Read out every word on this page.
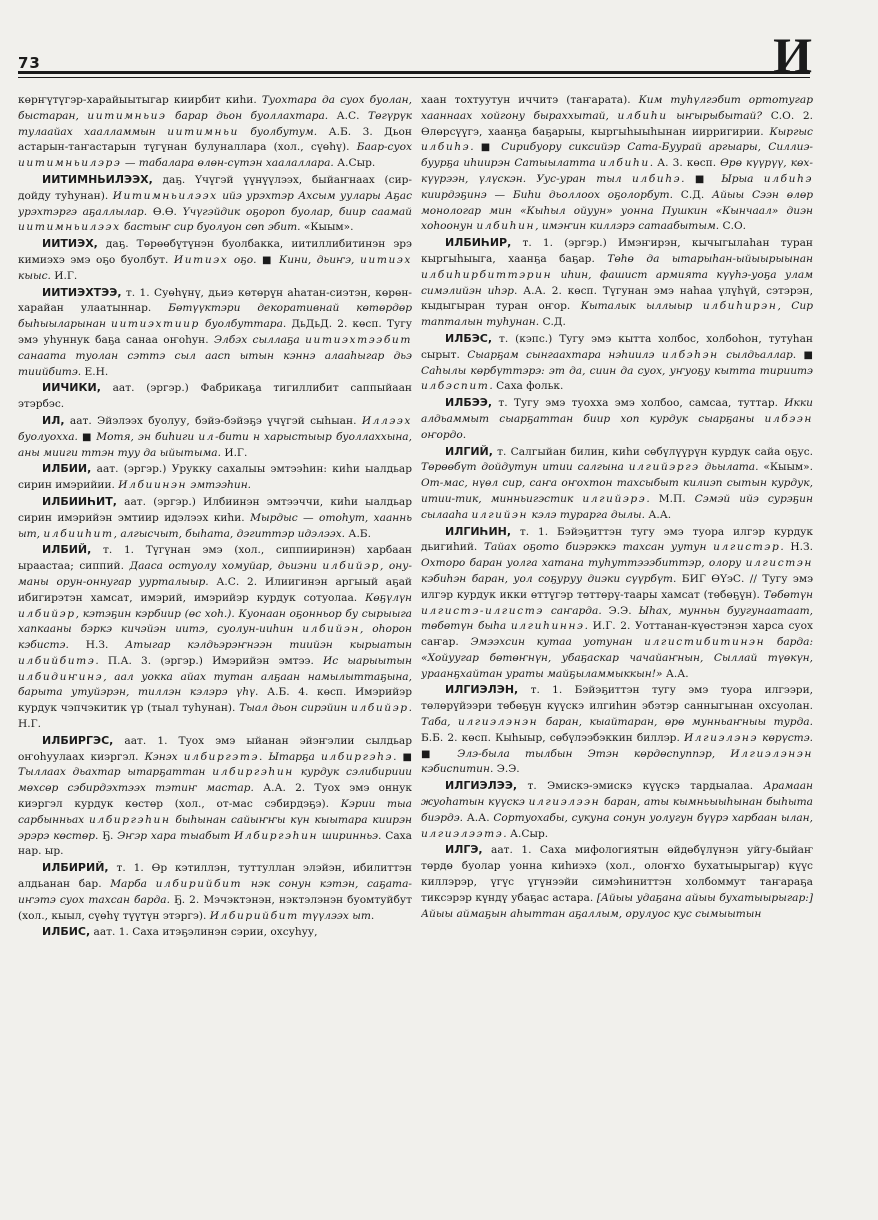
73	И

кɵрҥүтүгэр-харайыытыгар киирбит киһи. Туохтара да суох буолан, быстаран, иитимньиэ барар дьон буоллахтара. А.С. Тɵгүрүк тулаайах хаалламмын иитимньи буолбутум. А.Б. 3. Дьон астарын-таҥастарын түгүнан булуналлара (хол., сүөһү). Баар-суох иитимньилэрэ — табалара ɵлɵн-сүтэн хаалаллара. А.Сыр.

ИИТИМНЬИЛЭЭХ, даҕ. Үчүгэй үүнүүлээх, быйаҥнаах (сир-дойду туһунан). Иитимньилээх ийэ урэхтэр Ахсым уулары Аҕас урэхтэргэ аҕаллылар. Ɵ.Ɵ. Үчүгэйдик оҕороп буолар, биир саамай иитимньилээх бастыҥ сир буолуон сɵп эбит. «Кыым».

ИИТИЭХ, даҕ. Тɵрɵɵбүтүнэн буолбакка, иитиллибитинэн эрэ кимиэхэ эмэ оҕо буолбут. Иитиэх оҕо. ■ Кини, дьиҥэ, иитиэх кыыс. И.Г.

ИИТИЭХТЭЭ, т. 1. Суɵһүнү, дьиэ кɵтɵрүн аһатан-сиэтэн, кɵрɵн-харайан улаатыннар. Бɵтүүктэри декоративнай кɵтɵрдɵр быһыыларынан иитиэхтиир буолбуттара. ДьДьД. 2. кɵсп. Тугу эмэ уһуннук баҕа санаа оҥоһун. Элбэх сыллаҕа иитиэхтээбит санаата туолан сэттэ сыл аасп ытын кэннэ алааһыгар дьэ тиийбитэ. Е.Н.

ИИЧИКИ, аат. (эргэр.) Фабрикаҕа тигиллибит саппыйаан этэрбэс.

ИЛ, аат. Эйэлээх буолуу, бэйэ-бэйэҕэ үчүгэй сыһыан. Иллээх буолуохха. ■ Мотя, эн биһиги ил-бити н харыстыыр буоллаххына, аны мииги ттэн туу да ыйытыма. И.Г.

ИЛБИИ, аат. (эргэр.) Урукку сахалыы эмтээһин: киһи ыалдьар сирин имэрийии. Илбиинэн эмтээһин.

ИЛБИИҺИТ, аат. (эргэр.) Илбиинэн эмтээччи, киһи ыалдьар сирин имэрийэн эмтиир идэлээх киһи. Мырдыс — отоһут, хааннь ыт, илбииһит, алгысчыт, быһата, дэгиттэр идэлээх. А.Б.

ИЛБИЙ, т. 1. Түгүнан эмэ (хол., сиппииринэн) харбаан ыраастаа; сиппий. Дааса остуолу хомуйар, дьиэни илбийэр, ону-маны орун-оннугар уурталыыр. А.С. 2. Илиигинэн аргыый аҕай ибигирэтэн хамсат, имэрий, имэрийэр курдук сотуолаа. Кɵҕүлүн илбийэр, кэтэҕин кэрбиир (ɵс хоһ.). Куонаан оҕонньор бу сырыыга хапкааны бэркэ кичэйэн иитэ, суолун-ииһин илбийэн, оһорон кэбистэ. Н.З. Атыгар кэлдьэрэҥнээн тиийэн кырыатын илбийбитэ. П.А. 3. (эргэр.) Имэрийэн эмтээ. Ис ыарыытын илбидиҥинэ, аал уокка айах тутан алҕаан намылыттаҕына, барыта утуйэрэн, тиллэн кэлэрэ үһү. А.Б. 4. кɵсп. Имэрийэр курдук чэпчэкитик үр (тыал туһунан). Тыал дьон сирэйин илбийэр. Н.Г.

ИЛБИРГЭС, аат. 1. Туох эмэ ыйанан эйэҥэлии сылдьар оҥоһуулаах киэргэл. Кэнэх илбиргэтэ. Ытарҕа илбиргэһэ. ■ Тыллаах дьахтар ытарҕаттан илбиргэһин курдук сэлибириии мɵхсɵр сэбирдэхтээх тэтиҥ мастар. А.А. 2. Туох эмэ оннук киэргэл курдук кɵстɵр (хол., от-мас сэбирдэҕэ). Кэрии тыа сарбынньах илбиргэһин быһынан сайыҥҥы күн кыытара киирэн эрэрэ кɵстɵр. Ҕ. Эҥэр хара тыабыт Илбиргэһин ширинньэ. Саха нар. ыр.

ИЛБИРИЙ, т. 1. Ɵр кэтиллэн, туттуллан элэйэн, ибилиттэн алдьанан бар. Марба илбирийбит нэк сонун кэтэн, саҕата-иҥэтэ суох тахсан барда. Ҕ. 2. Мэчэктэнэн, нэктэлэнэн буомтуйбут (хол., кыыл, сүөһү түүтүн этэргэ). Илбирийбит түүлээх ыт.

ИЛБИС, аат. 1. Саха итэҕэлинэн сэрии, охсуһуу,

хаан тохтуутун иччитэ (таҥарата). Ким туһүлгэбит ортотугар хааннаах хойгону быраххытай, илбиһи ыҥырыбытай? С.О. 2. Ɵлɵрсүүгэ, хаанҕа баҕарыы, кыргыһыыһынан иирригирии. Кыргыс илбиһэ. ■ Сирибуору сиксийэр Сата-Буурай аргыары, Силлиэ-буурҕа иһиирэн Сатыылатта илбиһи. А. 3. кɵсп. Ɵрɵ күүрүү, кɵх-күүрээн, үлүскэн. Уус-уран тыл илбиһэ. ■ Ырыа илбиһэ киирдэҕинэ — Биһи дьоллоох оҕолорбут. С.Д. Айыы Сээн ɵлɵр монологар мин «Кыһыл ойуун» уонна Пушкин «Кынчаал» диэн хоһоонун илбиһин, имэҥин киллэрэ сатаабытым. С.О.

ИЛБИҺИР, т. 1. (эргэр.) Имэҥирэн, кычыгылаһан туран кыргыһыыга, хаанҕа баҕар. Тɵһɵ да ытарыһан-ыйыырыынан илбиһирбиттэрин иһин, фашист армията күүһэ-уоҕа улам симэлийэн иһэр. А.А. 2. кɵсп. Түгунан эмэ наһаа үлүһүй, сэтэрэн, кыдыгыран туран оҥор. Кыталык ыллыыр илбиһирэн, Сир тапталын туһунан. С.Д.

ИЛБЭС, т. (кэпс.) Тугу эмэ кытта холбос, холбоһон, тутуһан сырыт. Сыарҕам сынгаахтара нэһиилэ илбэһэн сылдьаллар. ■ Саһылы кɵрбүттэрэ: эт да, сиин да суох, уҥуоҕу кытта тириитэ илбэспит. Саха фольк.

ИЛБЭЭ, т. Тугу эмэ туохха эмэ холбоо, самсаа, туттар. Икки алдьаммыт сыарҕаттан биир хоп курдук сыарҕаны илбээн оҥордо.

ИЛГИЙ, т. Салгыйан билин, киһи сɵбүлүүрүн курдук сайа оҕус. Тɵрɵɵбүт дойдутун итии салгына илгийэргэ дьылата. «Кыым». От-мас, нүɵл сир, саҥа оҥохтон тахсыбыт килиэп сытын курдук, итии-тик, минньигэстик илгийэрэ. М.П. Сэмэй ийэ сурэҕин сылааһа илгийэн кэлэ турарга дылы. А.А.

ИЛГИҺИН, т. 1. Бэйэҕиттэн тугу эмэ туора илгэр курдук дьигиһий. Тайах оҕото биэрэккэ тахсан уутун илгистэр. Н.З. Охторо баран уолга хатана туһуттэээбиттэр, олору илгистэн кэбиһэн баран, уол соҕуруу диэки сүүрбүт. БИГ ƟҮэС. // Тугу эмэ илгэр курдук икки ɵттүгэр тɵттɵрү-таары хамсат (тɵбɵҕүн). Тɵбɵтүн илгистэ-илгистэ саҥарда. Э.Э. Ыһах, мунньн буугунаатаат, тɵбɵтүн быһа илгиһиннэ. И.Г. 2. Уоттанан-күɵстэнэн харса суох саҥар. Эмээхсин кутаа уотунан илгистибитинэн барда: «Хойуугар бɵтɵҥнүн, убаҕаскар чачайаҥнын, Сыллай түɵкүн, ураанҕхайтан ураты майҕыламмыккын!» А.А.

ИЛГИЭЛЭН, т. 1. Бэйэҕиттэн тугу эмэ туора илгээри, тɵлɵрүйээри тɵбɵҕүн күүскэ илгиһин эбэтэр санныгынан охсуолан. Таба, илгиэлэнэн баран, кыайтаран, ɵрɵ мунньаҥныы турда. Б.Б. 2. кɵсп. Кыһыыр, сɵбүлээбэккин биллэр. Илгиэлэнэ кɵрүстэ. ■ Элэ-была тылбын Этэн кɵрдɵспуппэр, Илгиэлэнэн кэбиспитин. Э.Э.

ИЛГИЭЛЭЭ, т. Эмискэ-эмискэ күүскэ тардыалаа. Арамаан жуоһатын күүскэ илгиэлээн баран, аты кымньыыһынан быһыта биэрдэ. А.А. Сортуохабы, сукуна сонун уолугун бүүрэ харбаан ылан, илгиэлээтэ. А.Сыр.

ИЛГЭ, аат. 1. Саха мифологиятын ɵйдɵбүлүнэн уйгу-быйаҥ тɵрдɵ буолар уонна киһиэхэ (хол., олоҥхо бухатыырыгар) күүс киллэрэр, үгүс үгүнээйи симэһиниттэн холбоммут таҥараҕа тиксэрэр күндү убаҕас астара. [Айыы удаҕана айыы бухатыырыгар:] Айыы аймаҕын аһыттан аҕаллым, орулуос кус сымыытын
